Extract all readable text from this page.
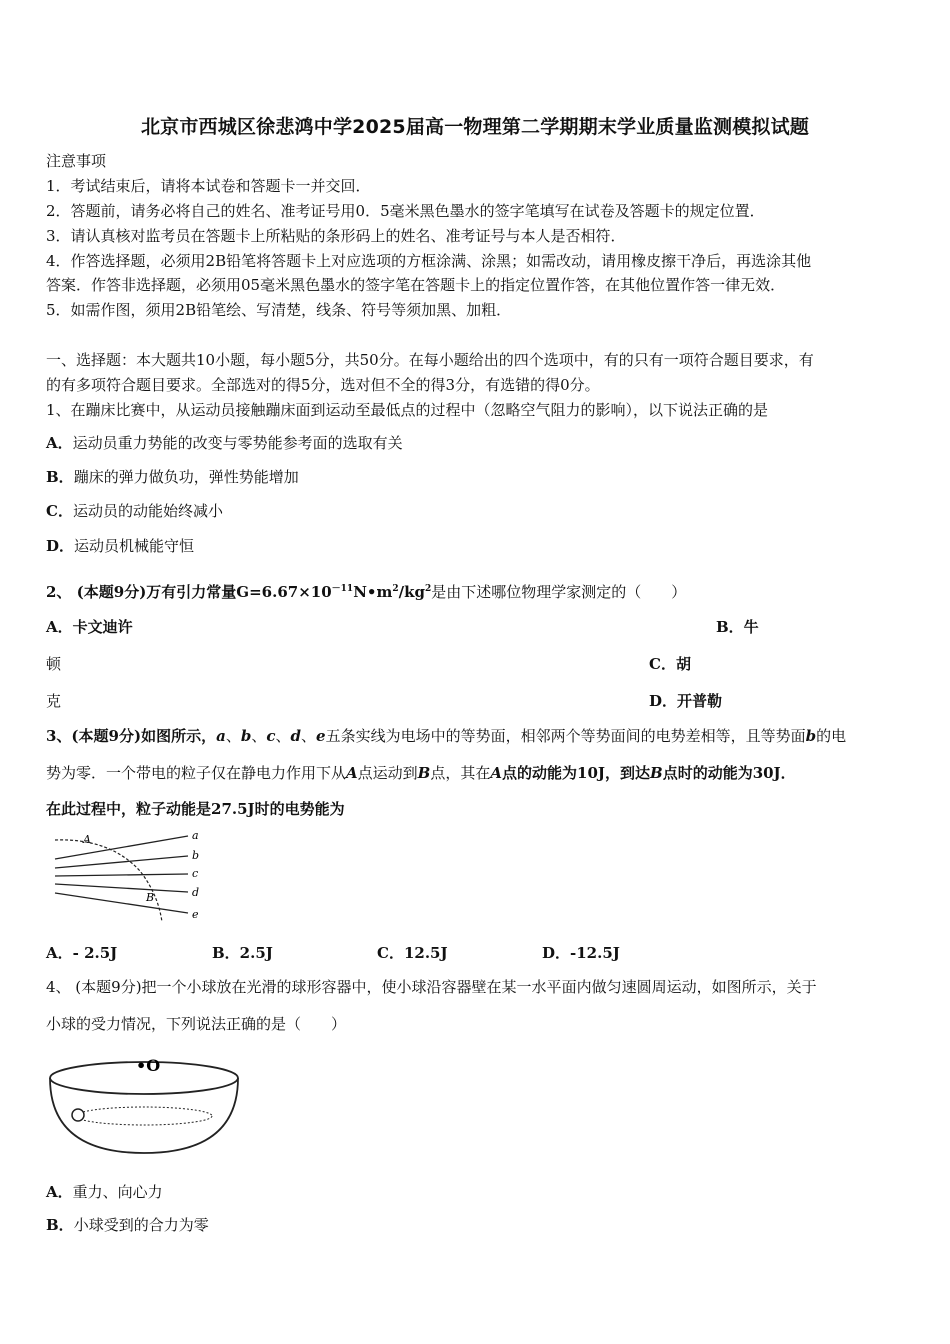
北京市西城区徐悲鸿中学2025届高一物理第二学期期末学业质量监测模拟试题
注意事项
1．考试结束后，请将本试卷和答题卡一并交回．
2．答题前，请务必将自己的姓名、准考证号用0．5毫米黑色墨水的签字笔填写在试卷及答题卡的规定位置．
3．请认真核对监考员在答题卡上所粘贴的条形码上的姓名、准考证号与本人是否相符．
4．作答选择题，必须用2B铅笔将答题卡上对应选项的方框涂满、涂黑；如需改动，请用橡皮擦干净后，再选涂其他
答案．作答非选择题，必须用05毫米黑色墨水的签字笔在答题卡上的指定位置作答，在其他位置作答一律无效．
5．如需作图，须用2B铅笔绘、写清楚，线条、符号等须加黑、加粗．
一、选择题：本大题共10小题，每小题5分，共50分。在每小题给出的四个选项中，有的只有一项符合题目要求，有
的有多项符合题目要求。全部选对的得5分，选对但不全的得3分，有选错的得0分。
1、在蹦床比赛中，从运动员接触蹦床面到运动至最低点的过程中（忽略空气阻力的影响），以下说法正确的是
A．运动员重力势能的改变与零势能参考面的选取有关
B．蹦床的弹力做负功，弹性势能增加
C．运动员的动能始终减小
D．运动员机械能守恒
2、 (本题9分)万有引力常量$G=6.67\times 10^{-11}N•m^2/kg^2$是由下述哪位物理学家测定的（　　）
A．卡文迪许	B．牛
顿	C．胡
克	D．开普勒
3、(本题9分)如图所示，a、b、c、d、e五条实线为电场中的等势面，相邻两个等势面间的电势差相等，且等势面b的电
势为零．一个带电的粒子仅在静电力作用下从A点运动到B点，其在A点的动能为10J，到达B点时的动能为30J．
在此过程中，粒子动能是27.5J时的电势能为
A
B
a
b
c
d
e
A．- 2.5J	B．2.5J	C．12.5J	D．-12.5J
4、 (本题9分)把一个小球放在光滑的球形容器中，使小球沿容器壁在某一水平面内做匀速圆周运动，如图所示，关于
小球的受力情况，下列说法正确的是（　　）
•O
A．重力、向心力
B．小球受到的合力为零
